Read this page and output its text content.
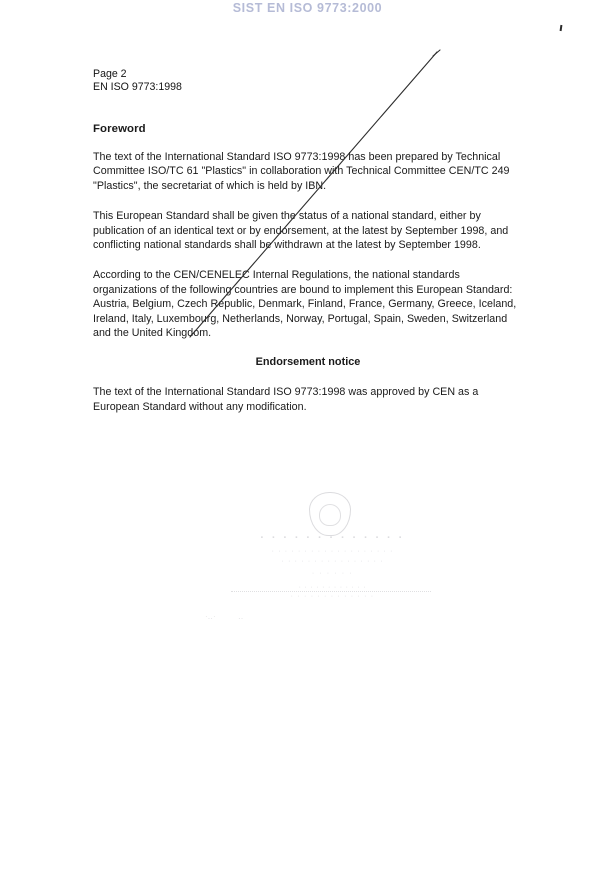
SIST EN ISO 9773:2000
Page 2
EN ISO 9773:1998
Foreword

The text of the International Standard ISO 9773:1998 has been prepared by Technical Committee ISO/TC 61 "Plastics" in collaboration with Technical Committee CEN/TC 249 "Plastics", the secretariat of which is held by IBN.

This European Standard shall be given the status of a national standard, either by publication of an identical text or by endorsement, at the latest by September 1998, and conflicting national standards shall be withdrawn at the latest by September 1998.

According to the CEN/CENELEC Internal Regulations, the national standards organizations of the following countries are bound to implement this European Standard: Austria, Belgium, Czech Republic, Denmark, Finland, France, Germany, Greece, Iceland, Ireland, Italy, Luxembourg, Netherlands, Norway, Portugal, Spain, Sweden, Switzerland and the United Kingdom.

Endorsement notice

The text of the International Standard ISO 9773:1998 was approved by CEN as a European Standard without any modification.

· · · · · · · · · · · · ·
· · · · · · · · · · · · · · · · · · ·
· · · · · · · · · · · · · · · ·
· · · · · ·
· · · · · · · · · · · ·
· · · · · · · · · · · · ·
·‥·	‥
